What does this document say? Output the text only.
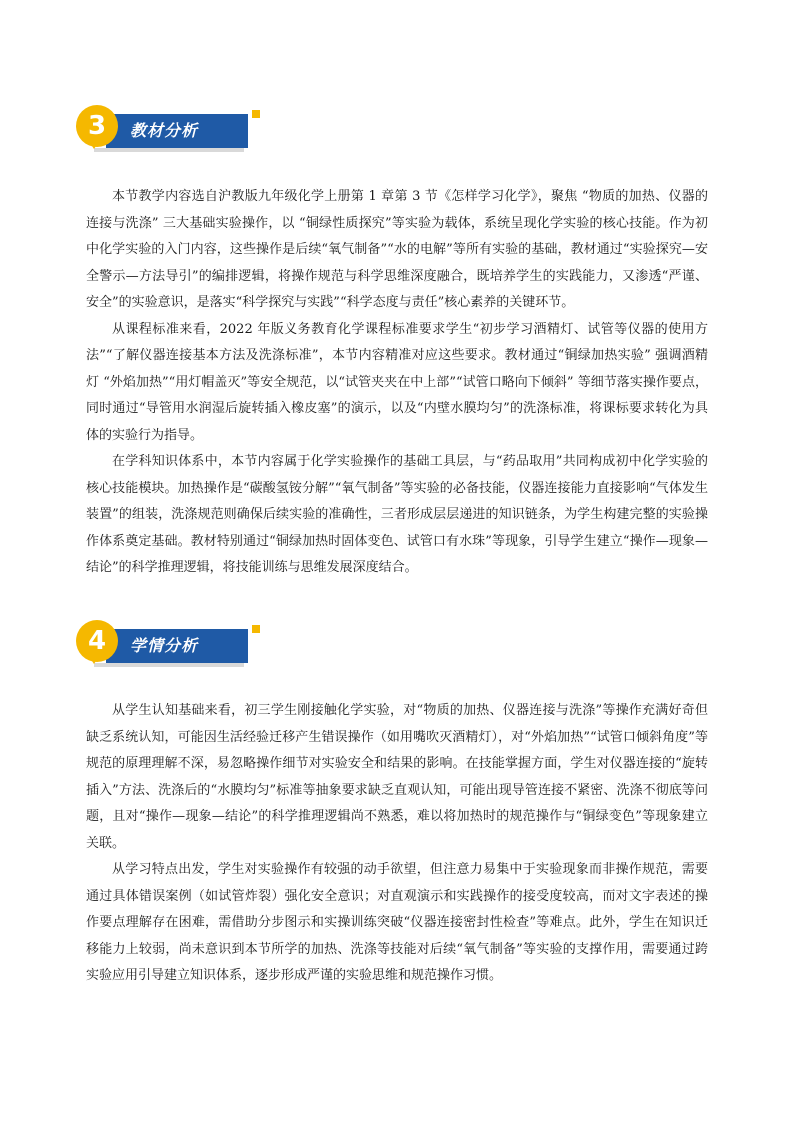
3	教材分析

本节教学内容选自沪教版九年级化学上册第 1 章第 3 节《怎样学习化学》，聚焦 “物质的加热、仪器的连接与洗涤” 三大基础实验操作，以 “铜绿性质探究”等实验为载体，系统呈现化学实验的核心技能。作为初中化学实验的入门内容，这些操作是后续“氧气制备”“水的电解”等所有实验的基础，教材通过“实验探究—安全警示—方法导引”的编排逻辑，将操作规范与科学思维深度融合，既培养学生的实践能力，又渗透“严谨、安全”的实验意识，是落实“科学探究与实践”“科学态度与责任”核心素养的关键环节。

从课程标准来看，2022 年版义务教育化学课程标准要求学生“初步学习酒精灯、试管等仪器的使用方法”“了解仪器连接基本方法及洗涤标准”，本节内容精准对应这些要求。教材通过“铜绿加热实验” 强调酒精灯 “外焰加热”“用灯帽盖灭”等安全规范，以“试管夹夹在中上部”“试管口略向下倾斜” 等细节落实操作要点，同时通过“导管用水润湿后旋转插入橡皮塞”的演示，以及“内壁水膜均匀”的洗涤标准，将课标要求转化为具体的实验行为指导。

在学科知识体系中，本节内容属于化学实验操作的基础工具层，与“药品取用”共同构成初中化学实验的核心技能模块。加热操作是“碳酸氢铵分解”“氧气制备”等实验的必备技能，仪器连接能力直接影响“气体发生装置”的组装，洗涤规范则确保后续实验的准确性，三者形成层层递进的知识链条，为学生构建完整的实验操作体系奠定基础。教材特别通过“铜绿加热时固体变色、试管口有水珠”等现象，引导学生建立“操作—现象—结论”的科学推理逻辑，将技能训练与思维发展深度结合。

4	学情分析

从学生认知基础来看，初三学生刚接触化学实验，对“物质的加热、仪器连接与洗涤”等操作充满好奇但缺乏系统认知，可能因生活经验迁移产生错误操作（如用嘴吹灭酒精灯），对“外焰加热”“试管口倾斜角度”等规范的原理理解不深，易忽略操作细节对实验安全和结果的影响。在技能掌握方面，学生对仪器连接的“旋转插入”方法、洗涤后的“水膜均匀”标准等抽象要求缺乏直观认知，可能出现导管连接不紧密、洗涤不彻底等问题，且对“操作—现象—结论”的科学推理逻辑尚不熟悉，难以将加热时的规范操作与“铜绿变色”等现象建立关联。

从学习特点出发，学生对实验操作有较强的动手欲望，但注意力易集中于实验现象而非操作规范，需要通过具体错误案例（如试管炸裂）强化安全意识；对直观演示和实践操作的接受度较高，而对文字表述的操作要点理解存在困难，需借助分步图示和实操训练突破“仪器连接密封性检查”等难点。此外，学生在知识迁移能力上较弱，尚未意识到本节所学的加热、洗涤等技能对后续“氧气制备”等实验的支撑作用，需要通过跨实验应用引导建立知识体系，逐步形成严谨的实验思维和规范操作习惯。
